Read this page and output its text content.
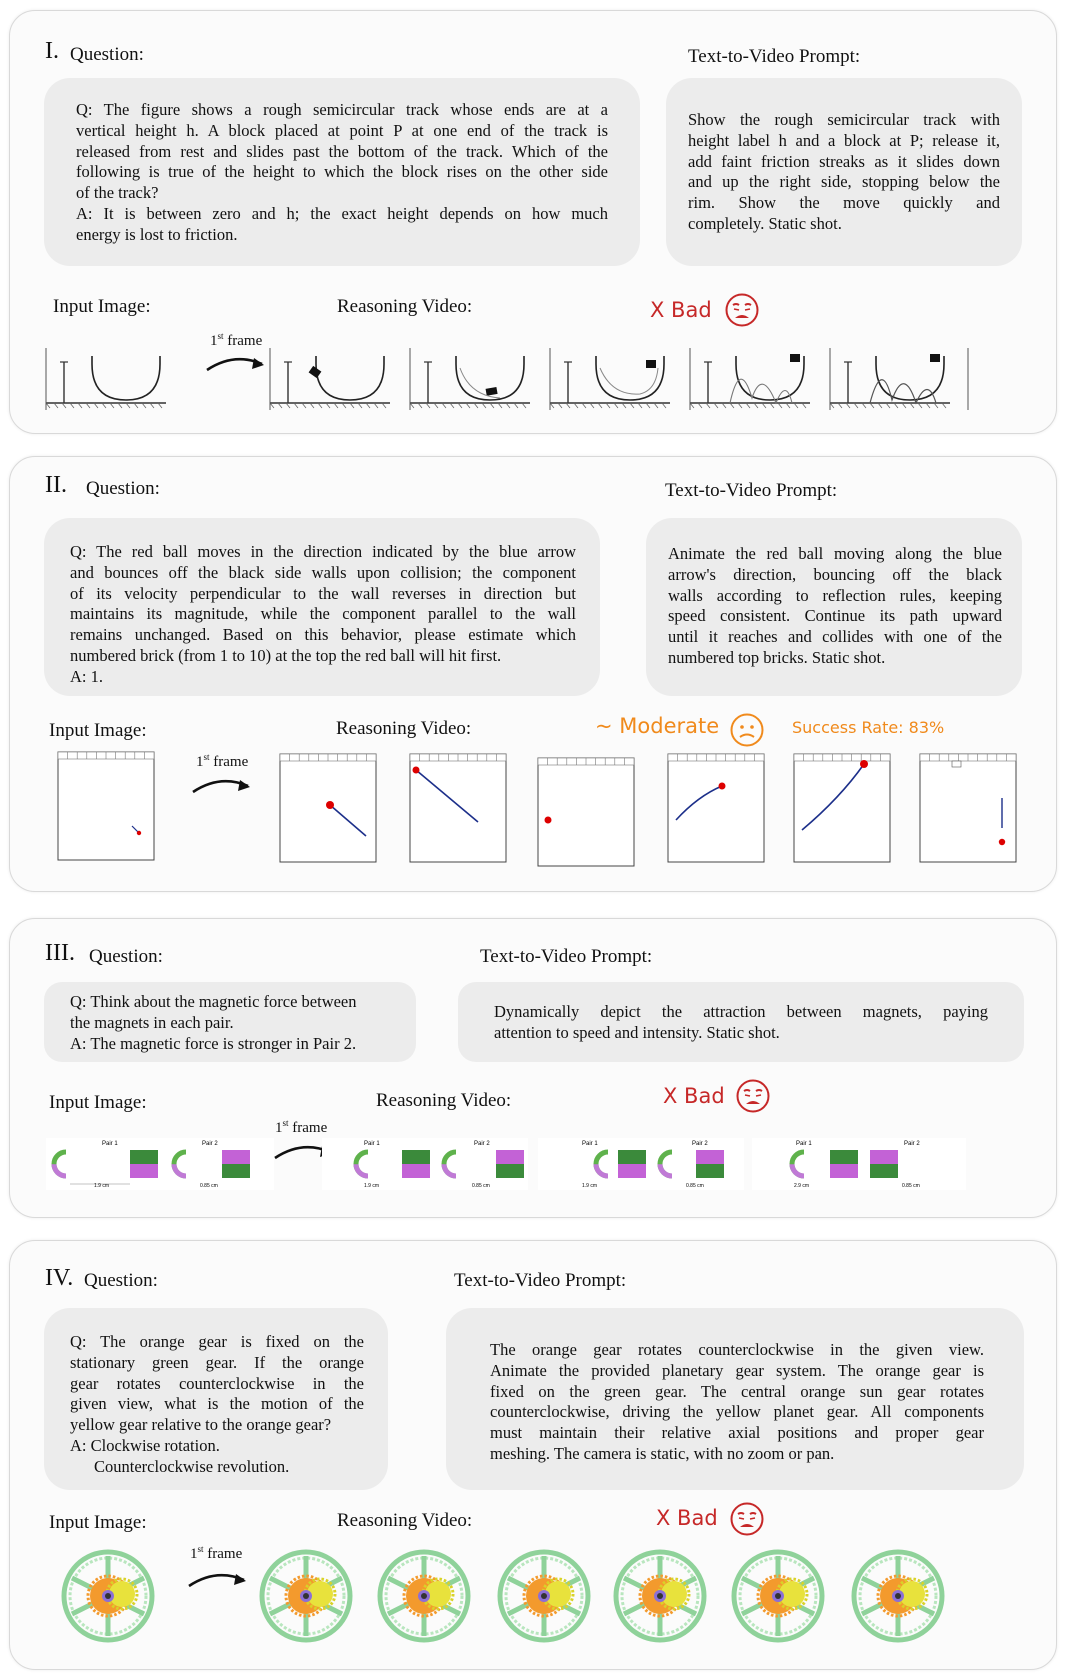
I. Question:	Text-to-Video Prompt:
Q: The figure shows a rough semicircular track whose ends are at a
vertical height h. A block placed at point P at one end of the track is
released from rest and slides past the bottom of the track. Which of the
following is true of the height to which the block rises on the other side
of the track?
A: It is between zero and h; the exact height depends on how much
energy is lost to friction.
Show the rough semicircular track with
height label h and a block at P; release it,
add faint friction streaks as it slides down
and up the right side, stopping below the
rim. Show the move quickly and
completely. Static shot.
Input Image:	Reasoning Video:	X Bad
1st frame
II. Question:	Text-to-Video Prompt:
Q: The red ball moves in the direction indicated by the blue arrow
and bounces off the black side walls upon collision; the component
of its velocity perpendicular to the wall reverses in direction but
maintains its magnitude, while the component parallel to the wall
remains unchanged. Based on this behavior, please estimate which
numbered brick (from 1 to 10) at the top the red ball will hit first.
A: 1.
Animate the red ball moving along the blue
arrow's direction, bouncing off the black
walls according to reflection rules, keeping
speed consistent. Continue its path upward
until it reaches and collides with one of the
numbered top bricks. Static shot.
Input Image:	Reasoning Video:	~ Moderate	Success Rate: 83%
1st frame
III. Question:	Text-to-Video Prompt:
Q: Think about the magnetic force between
the magnets in each pair.
A: The magnetic force is stronger in Pair 2.
Dynamically depict the attraction between magnets, paying
attention to speed and intensity. Static shot.
Input Image:	Reasoning Video:	X Bad
1st frame
Pair 1
1.9 cm
Pair 2
0.85 cm
Pair 1
1.9 cm
Pair 2
0.85 cm
Pair 1
1.9 cm
Pair 2
0.85 cm
Pair 1
2.9 cm
Pair 2
0.85 cm
IV. Question:	Text-to-Video Prompt:
Q: The orange gear is fixed on the
stationary green gear. If the orange
gear rotates counterclockwise in the
given view, what is the motion of the
yellow gear relative to the orange gear?
A: Clockwise rotation.
Counterclockwise revolution.
The orange gear rotates counterclockwise in the given view.
Animate the provided planetary gear system. The orange gear is
fixed on the green gear. The central orange sun gear rotates
counterclockwise, driving the yellow planet gear. All components
must maintain their relative axial positions and proper gear
meshing. The camera is static, with no zoom or pan.
Input Image:	Reasoning Video:	X Bad
1st frame
